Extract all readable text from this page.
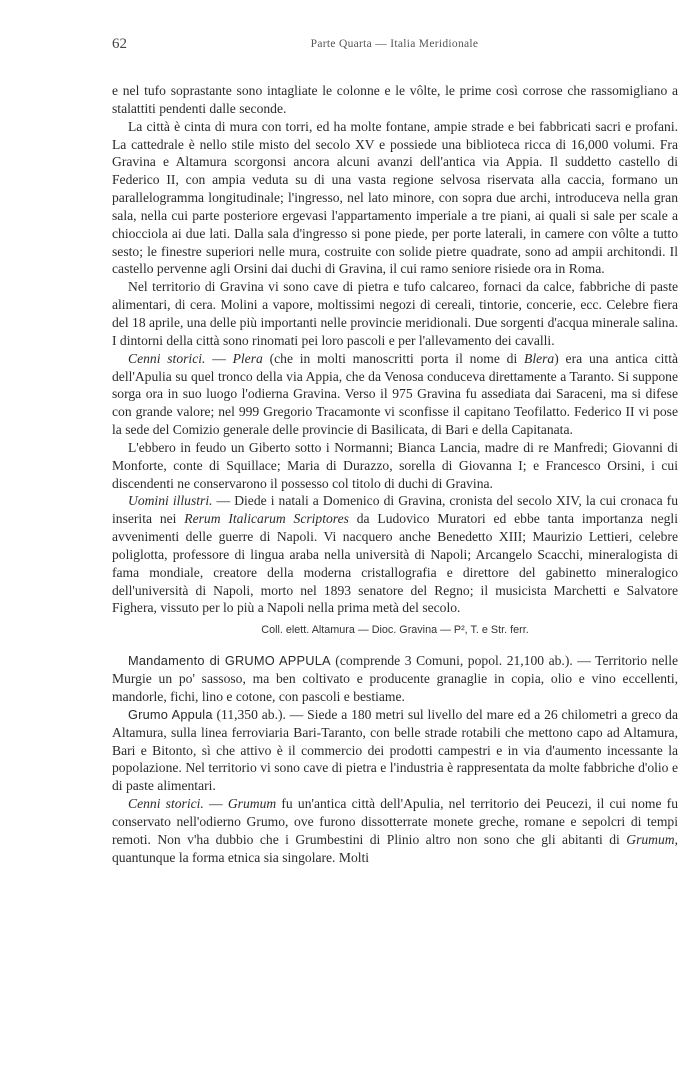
62	Parte Quarta — Italia Meridionale

e nel tufo soprastante sono intagliate le colonne e le vôlte, le prime così corrose che rassomigliano a stalattiti pendenti dalle seconde.

La città è cinta di mura con torri, ed ha molte fontane, ampie strade e bei fabbricati sacri e profani. La cattedrale è nello stile misto del secolo XV e possiede una biblioteca ricca di 16,000 volumi. Fra Gravina e Altamura scorgonsi ancora alcuni avanzi dell'antica via Appia. Il suddetto castello di Federico II, con ampia veduta su di una vasta regione selvosa riservata alla caccia, formano un parallelogramma longitudinale; l'ingresso, nel lato minore, con sopra due archi, introduceva nella gran sala, nella cui parte posteriore ergevasi l'appartamento imperiale a tre piani, ai quali si sale per scale a chiocciola ai due lati. Dalla sala d'ingresso si pone piede, per porte laterali, in camere con vôlte a tutto sesto; le finestre superiori nelle mura, costruite con solide pietre quadrate, sono ad ampii architondi. Il castello pervenne agli Orsini dai duchi di Gravina, il cui ramo seniore risiede ora in Roma.

Nel territorio di Gravina vi sono cave di pietra e tufo calcareo, fornaci da calce, fabbriche di paste alimentari, di cera. Molini a vapore, moltissimi negozi di cereali, tintorie, concerie, ecc. Celebre fiera del 18 aprile, una delle più importanti nelle provincie meridionali. Due sorgenti d'acqua minerale salina. I dintorni della città sono rinomati pei loro pascoli e per l'allevamento dei cavalli.

Cenni storici. — Plera (che in molti manoscritti porta il nome di Blera) era una antica città dell'Apulia su quel tronco della via Appia, che da Venosa conduceva direttamente a Taranto. Si suppone sorga ora in suo luogo l'odierna Gravina. Verso il 975 Gravina fu assediata dai Saraceni, ma si difese con grande valore; nel 999 Gregorio Tracamonte vi sconfisse il capitano Teofilatto. Federico II vi pose la sede del Comizio generale delle provincie di Basilicata, di Bari e della Capitanata.

L'ebbero in feudo un Giberto sotto i Normanni; Bianca Lancia, madre di re Manfredi; Giovanni di Monforte, conte di Squillace; Maria di Durazzo, sorella di Giovanna I; e Francesco Orsini, i cui discendenti ne conservarono il possesso col titolo di duchi di Gravina.

Uomini illustri. — Diede i natali a Domenico di Gravina, cronista del secolo XIV, la cui cronaca fu inserita nei Rerum Italicarum Scriptores da Ludovico Muratori ed ebbe tanta importanza negli avvenimenti delle guerre di Napoli. Vi nacquero anche Benedetto XIII; Maurizio Lettieri, celebre poliglotta, professore di lingua araba nella università di Napoli; Arcangelo Scacchi, mineralogista di fama mondiale, creatore della moderna cristallografia e direttore del gabinetto mineralogico dell'università di Napoli, morto nel 1893 senatore del Regno; il musicista Marchetti e Salvatore Fighera, vissuto per lo più a Napoli nella prima metà del secolo.

Coll. elett. Altamura — Dioc. Gravina — P², T. e Str. ferr.

Mandamento di GRUMO APPULA (comprende 3 Comuni, popol. 21,100 ab.). — Territorio nelle Murgie un po' sassoso, ma ben coltivato e producente granaglie in copia, olio e vino eccellenti, mandorle, fichi, lino e cotone, con pascoli e bestiame.

Grumo Appula (11,350 ab.). — Siede a 180 metri sul livello del mare ed a 26 chilometri a greco da Altamura, sulla linea ferroviaria Bari-Taranto, con belle strade rotabili che mettono capo ad Altamura, Bari e Bitonto, sì che attivo è il commercio dei prodotti campestri e in via d'aumento incessante la popolazione. Nel territorio vi sono cave di pietra e l'industria è rappresentata da molte fabbriche d'olio e di paste alimentari.

Cenni storici. — Grumum fu un'antica città dell'Apulia, nel territorio dei Peucezi, il cui nome fu conservato nell'odierno Grumo, ove furono dissotterrate monete greche, romane e sepolcri di tempi remoti. Non v'ha dubbio che i Grumbestini di Plinio altro non sono che gli abitanti di Grumum, quantunque la forma etnica sia singolare. Molti
